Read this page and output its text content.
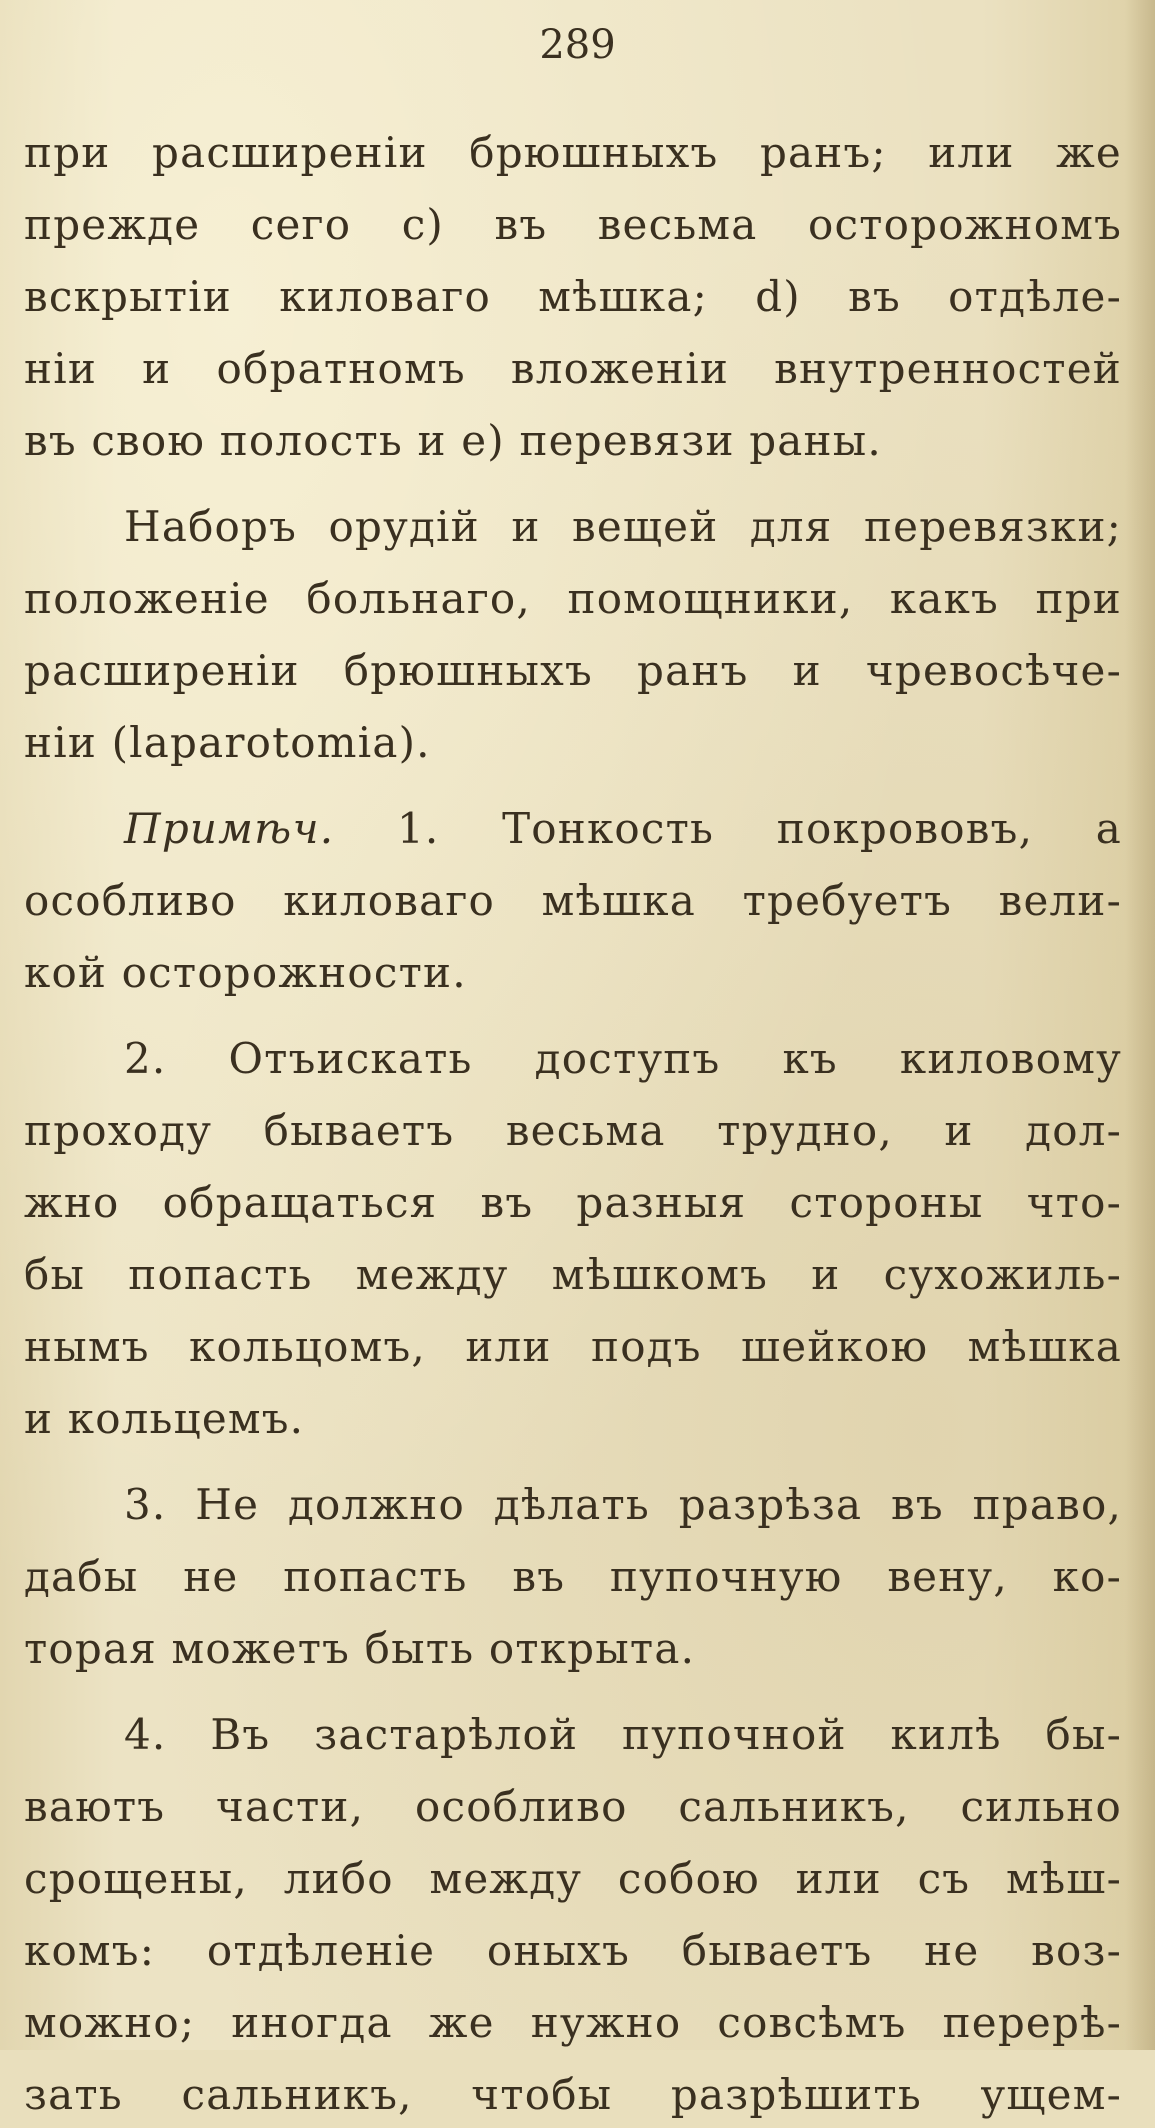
289
при расширенiи брюшныхъ ранъ; или же
прежде сего с) въ весьма осторожномъ
вскрытiи киловаго мѣшка; d) въ отдѣле-
нiи и обратномъ вложенiи внутренностей
въ свою полость и е) перевязи раны.
Наборъ орудiй и вещей для перевязки;
положенiе больнаго, помощники, какъ при
расширенiи брюшныхъ ранъ и чревосѣче-
нiи (laparotomia).
Примѣч. 1. Тонкость покрововъ, а
особливо киловаго мѣшка требуетъ вели-
кой осторожности.
2. Отъискать доступъ къ киловому
проходу бываетъ весьма трудно, и дол-
жно обращаться въ разныя стороны что-
бы попасть между мѣшкомъ и сухожиль-
нымъ кольцомъ, или подъ шейкою мѣшка
и кольцемъ.
3. Не должно дѣлать разрѣза въ право,
дабы не попасть въ пупочную вену, ко-
торая можетъ быть открыта.
4. Въ застарѣлой пупочной килѣ бы-
ваютъ части, особливо сальникъ, сильно
срощены, либо между собою или съ мѣш-
комъ: отдѣленiе оныхъ бываетъ не воз-
можно; иногда же нужно совсѣмъ перерѣ-
зать сальникъ, чтобы разрѣшить ущем-
